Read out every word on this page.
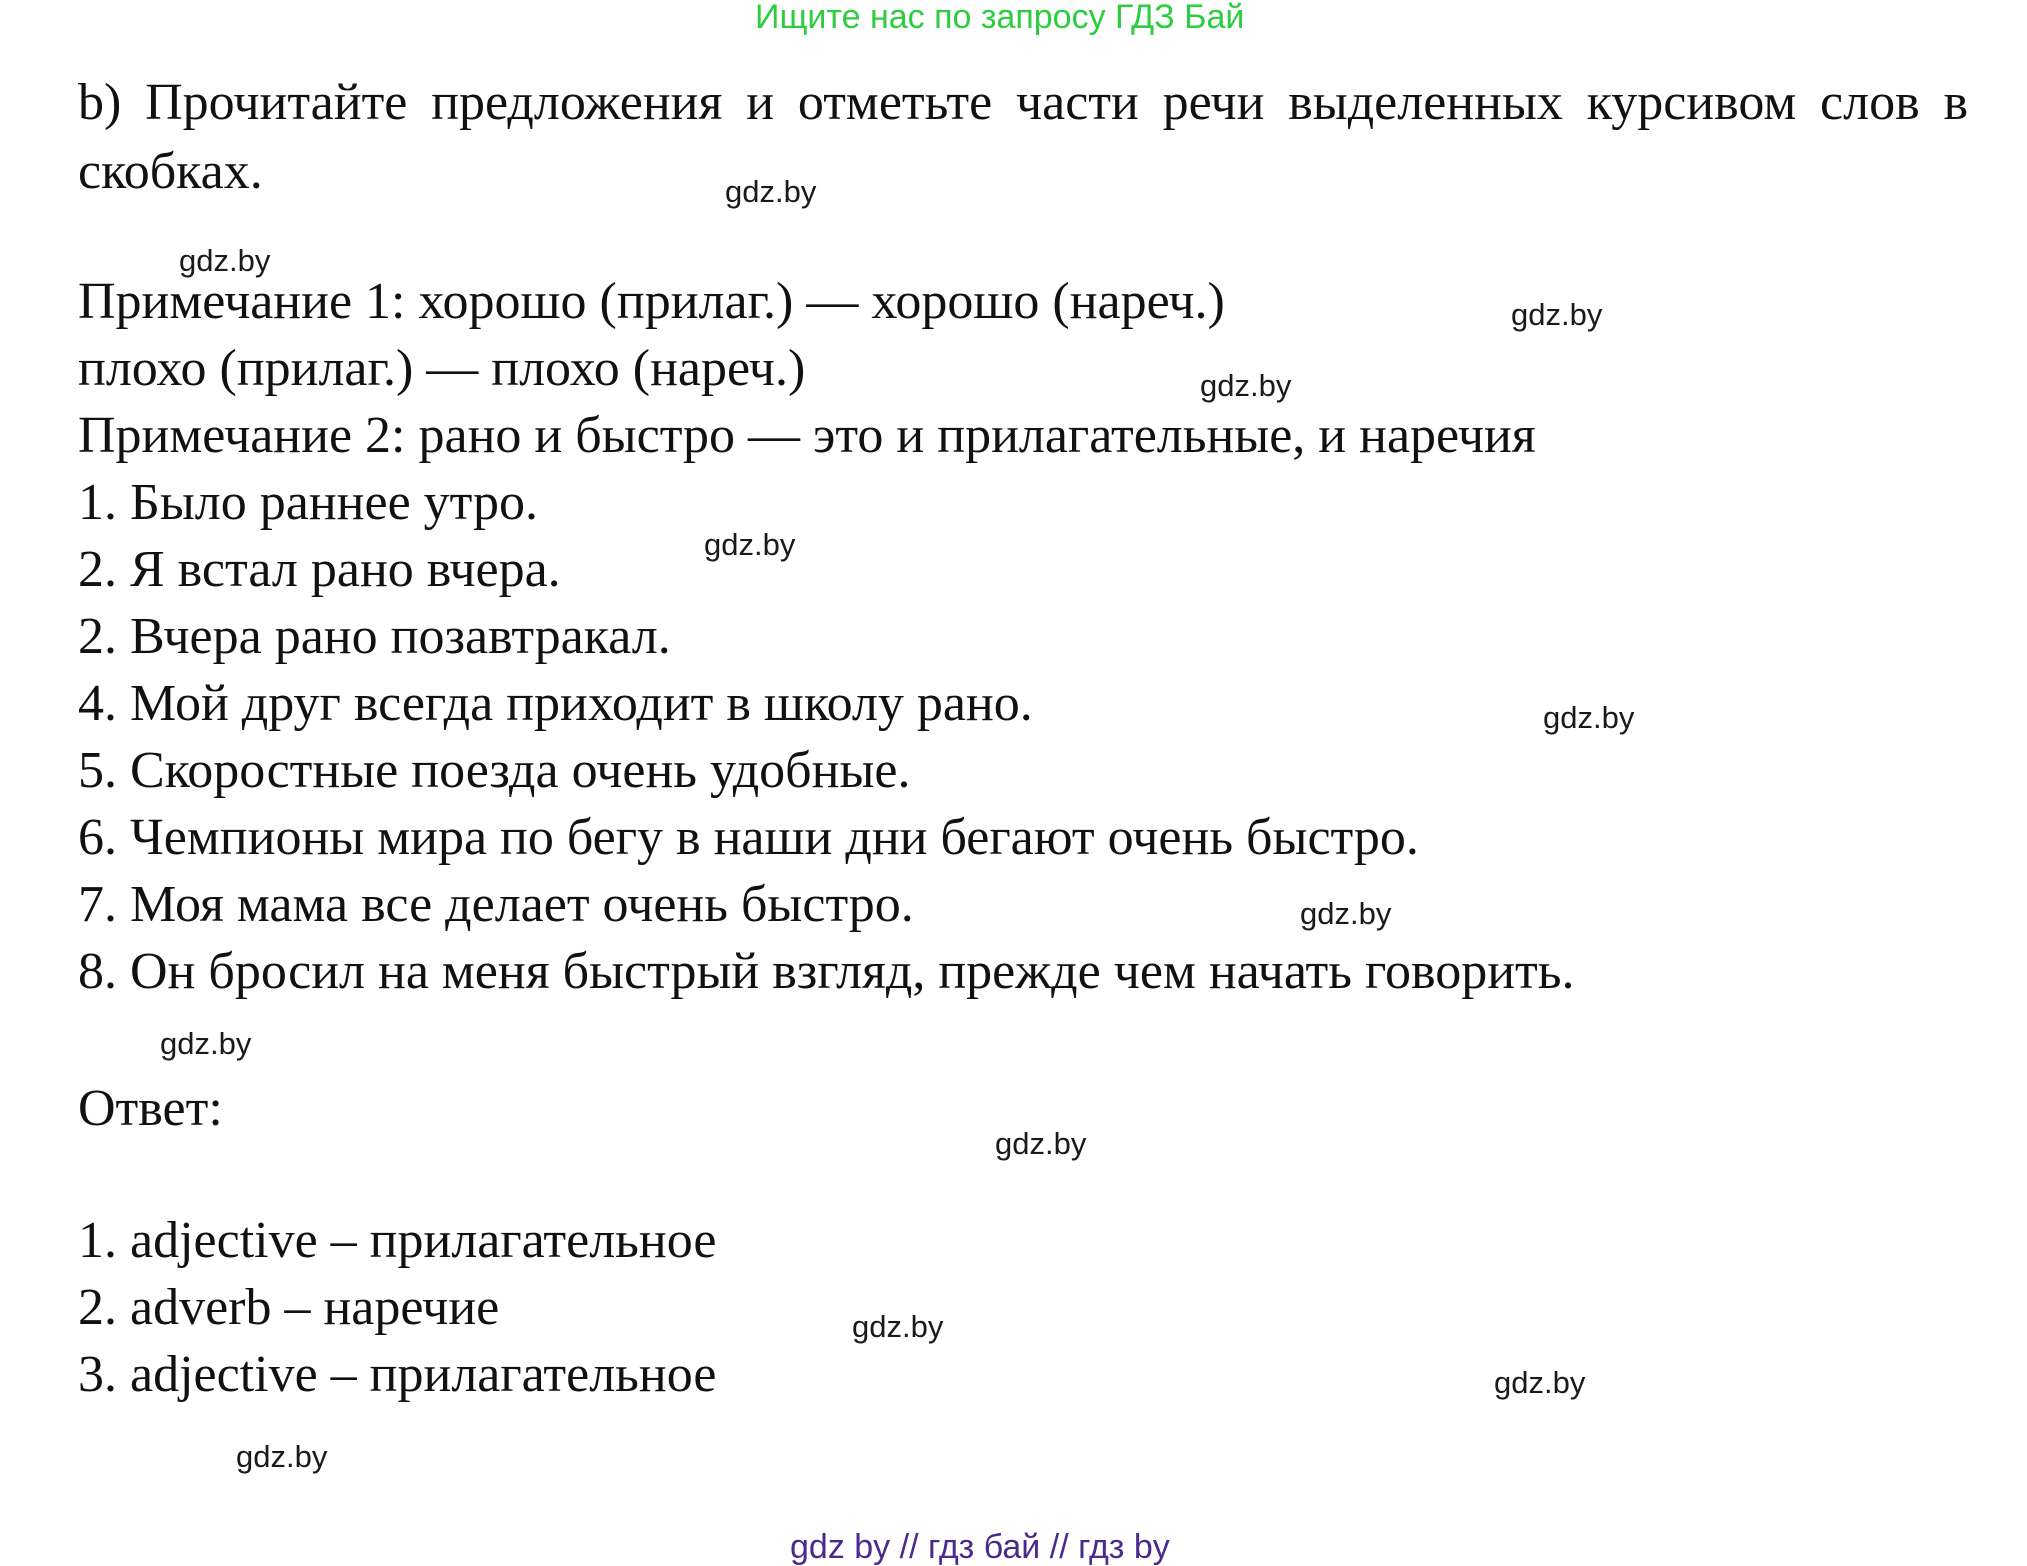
Ищите нас по запросу ГДЗ Бай
b) Прочитайте предложения и отметьте части речи выделенных курсивом слов в скобках.
Примечание 1: хорошо (прилаг.) — хорошо (нареч.)
плохо (прилаг.) — плохо (нареч.)
Примечание 2: рано и быстро — это и прилагательные, и наречия
1. Было раннее утро.
2. Я встал рано вчера.
2. Вчера рано позавтракал.
4. Мой друг всегда приходит в школу рано.
5. Скоростные поезда очень удобные.
6. Чемпионы мира по бегу в наши дни бегают очень быстро.
7. Моя мама все делает очень быстро.
8. Он бросил на меня быстрый взгляд, прежде чем начать говорить.
Ответ:
1. adjective – прилагательное
2. adverb – наречие
3. adjective – прилагательное
gdz.by
gdz.by
gdz.by
gdz.by
gdz.by
gdz.by
gdz.by
gdz.by
gdz.by
gdz.by
gdz.by
gdz.by
gdz by // гдз бай // гдз by
